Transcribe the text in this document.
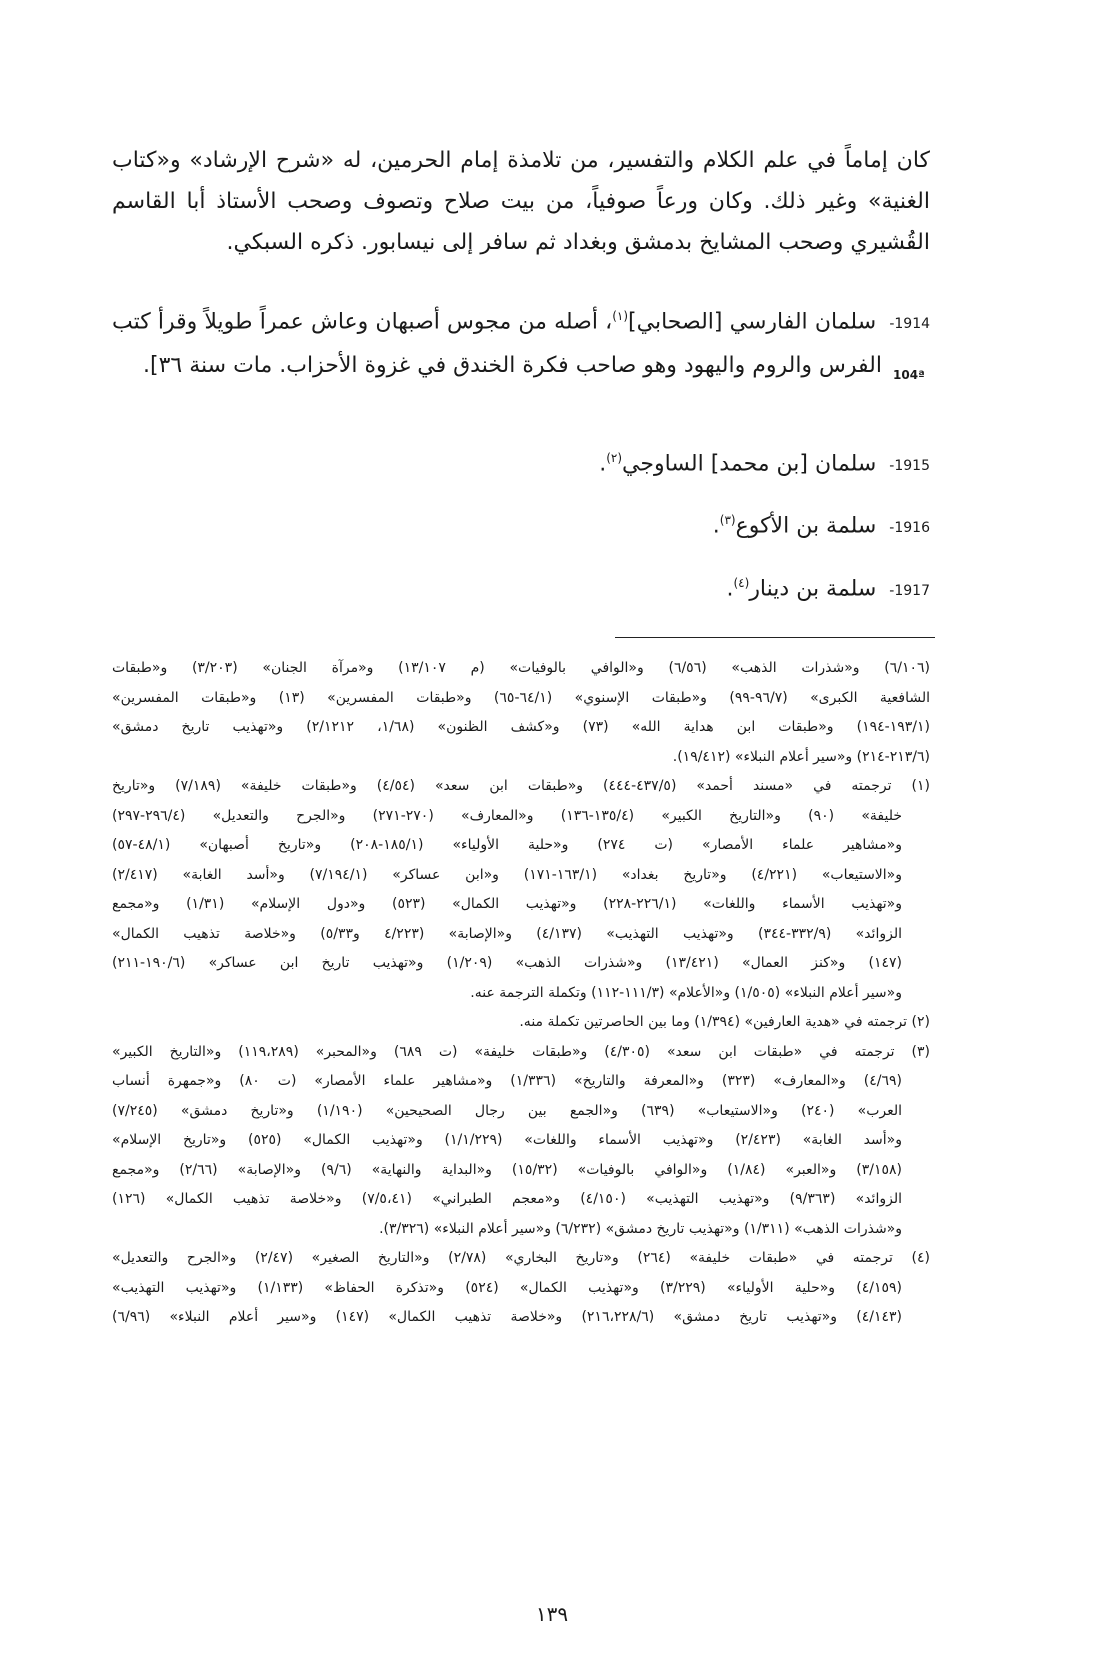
كان إماماً في علم الكلام والتفسير، من تلامذة إمام الحرمين، له «شرح الإرشاد» و«كتاب
الغنية» وغير ذلك. وكان ورعاً صوفياً، من بيت صلاح وتصوف وصحب الأستاذ أبا القاسم
القُشيري وصحب المشايخ بدمشق وبغداد ثم سافر إلى نيسابور. ذكره السبكي.
1914- سلمان الفارسي [الصحابي]$^{(١)}$، أصله من مجوس أصبهان وعاش عمراً طويلاً وقرأ كتب
الفرس والروم واليهود وهو صاحب فكرة الخندق في غزوة الأحزاب. مات سنة ٣٦]. 104ª
1915- سلمان [بن محمد] الساوجي$^{(٢)}$.
1916- سلمة بن الأكوع$^{(٣)}$.
1917- سلمة بن دينار$^{(٤)}$.
(٦/١٠٦) و«شذرات الذهب» (٦/٥٦) و«الوافي بالوفيات» (م ١٣/١٠٧) و«مرآة الجنان» (٣/٢٠٣) و«طبقات
الشافعية الكبرى» (٩٦/٧-٩٩) و«طبقات الإسنوي» (٦٤/١-٦٥) و«طبقات المفسرين» (١٣) و«طبقات المفسرين»
(١٩٣/١-١٩٤) و«طبقات ابن هداية الله» (٧٣) و«كشف الظنون» (١/٦٨، ٢/١٢١٢) و«تهذيب تاريخ دمشق»
(٢١٣/٦-٢١٤) و«سير أعلام النبلاء» (١٩/٤١٢).
(١) ترجمته في «مسند أحمد» (٤٣٧/٥-٤٤٤) و«طبقات ابن سعد» (٤/٥٤) و«طبقات خليفة» (٧/١٨٩) و«تاريخ
خليفة» (٩٠) و«التاريخ الكبير» (١٣٥/٤-١٣٦) و«المعارف» (٢٧٠-٢٧١) و«الجرح والتعديل» (٢٩٦/٤-٢٩٧)
و«مشاهير علماء الأمصار» (ت ٢٧٤) و«حلية الأولياء» (١٨٥/١-٢٠٨) و«تاريخ أصبهان» (٤٨/١-٥٧)
و«الاستيعاب» (٤/٢٢١) و«تاريخ بغداد» (١٦٣/١-١٧١) و«ابن عساكر» (٧/١٩٤/١) و«أسد الغابة» (٢/٤١٧)
و«تهذيب الأسماء واللغات» (٢٢٦/١-٢٢٨) و«تهذيب الكمال» (٥٢٣) و«دول الإسلام» (١/٣١) و«مجمع
الزوائد» (٣٣٢/٩-٣٤٤) و«تهذيب التهذيب» (٤/١٣٧) و«الإصابة» (٤/٢٢٣ و٥/٣٣) و«خلاصة تذهيب الكمال»
(١٤٧) و«كنز العمال» (١٣/٤٢١) و«شذرات الذهب» (١/٢٠٩) و«تهذيب تاريخ ابن عساكر» (١٩٠/٦-٢١١)
و«سير أعلام النبلاء» (١/٥٠٥) و«الأعلام» (١١١/٣-١١٢) وتكملة الترجمة عنه.
(٢) ترجمته في «هدية العارفين» (١/٣٩٤) وما بين الحاصرتين تكملة منه.
(٣) ترجمته في «طبقات ابن سعد» (٤/٣٠٥) و«طبقات خليفة» (ت ٦٨٩) و«المحبر» (١١٩،٢٨٩) و«التاريخ الكبير»
(٤/٦٩) و«المعارف» (٣٢٣) و«المعرفة والتاريخ» (١/٣٣٦) و«مشاهير علماء الأمصار» (ت ٨٠) و«جمهرة أنساب
العرب» (٢٤٠) و«الاستيعاب» (٦٣٩) و«الجمع بين رجال الصحيحين» (١/١٩٠) و«تاريخ دمشق» (٧/٢٤٥)
و«أسد الغابة» (٢/٤٢٣) و«تهذيب الأسماء واللغات» (١/١/٢٢٩) و«تهذيب الكمال» (٥٢٥) و«تاريخ الإسلام»
(٣/١٥٨) و«العبر» (١/٨٤) و«الوافي بالوفيات» (١٥/٣٢) و«البداية والنهاية» (٩/٦) و«الإصابة» (٢/٦٦) و«مجمع
الزوائد» (٩/٣٦٣) و«تهذيب التهذيب» (٤/١٥٠) و«معجم الطبراني» (٧/٥،٤١) و«خلاصة تذهيب الكمال» (١٢٦)
و«شذرات الذهب» (١/٣١١) و«تهذيب تاريخ دمشق» (٦/٢٣٢) و«سير أعلام النبلاء» (٣/٣٢٦).
(٤) ترجمته في «طبقات خليفة» (٢٦٤) و«تاريخ البخاري» (٢/٧٨) و«التاريخ الصغير» (٢/٤٧) و«الجرح والتعديل»
(٤/١٥٩) و«حلية الأولياء» (٣/٢٢٩) و«تهذيب الكمال» (٥٢٤) و«تذكرة الحفاظ» (١/١٣٣) و«تهذيب التهذيب»
(٤/١٤٣) و«تهذيب تاريخ دمشق» (٢١٦،٢٢٨/٦) و«خلاصة تذهيب الكمال» (١٤٧) و«سير أعلام النبلاء» (٦/٩٦)
١٣٩
